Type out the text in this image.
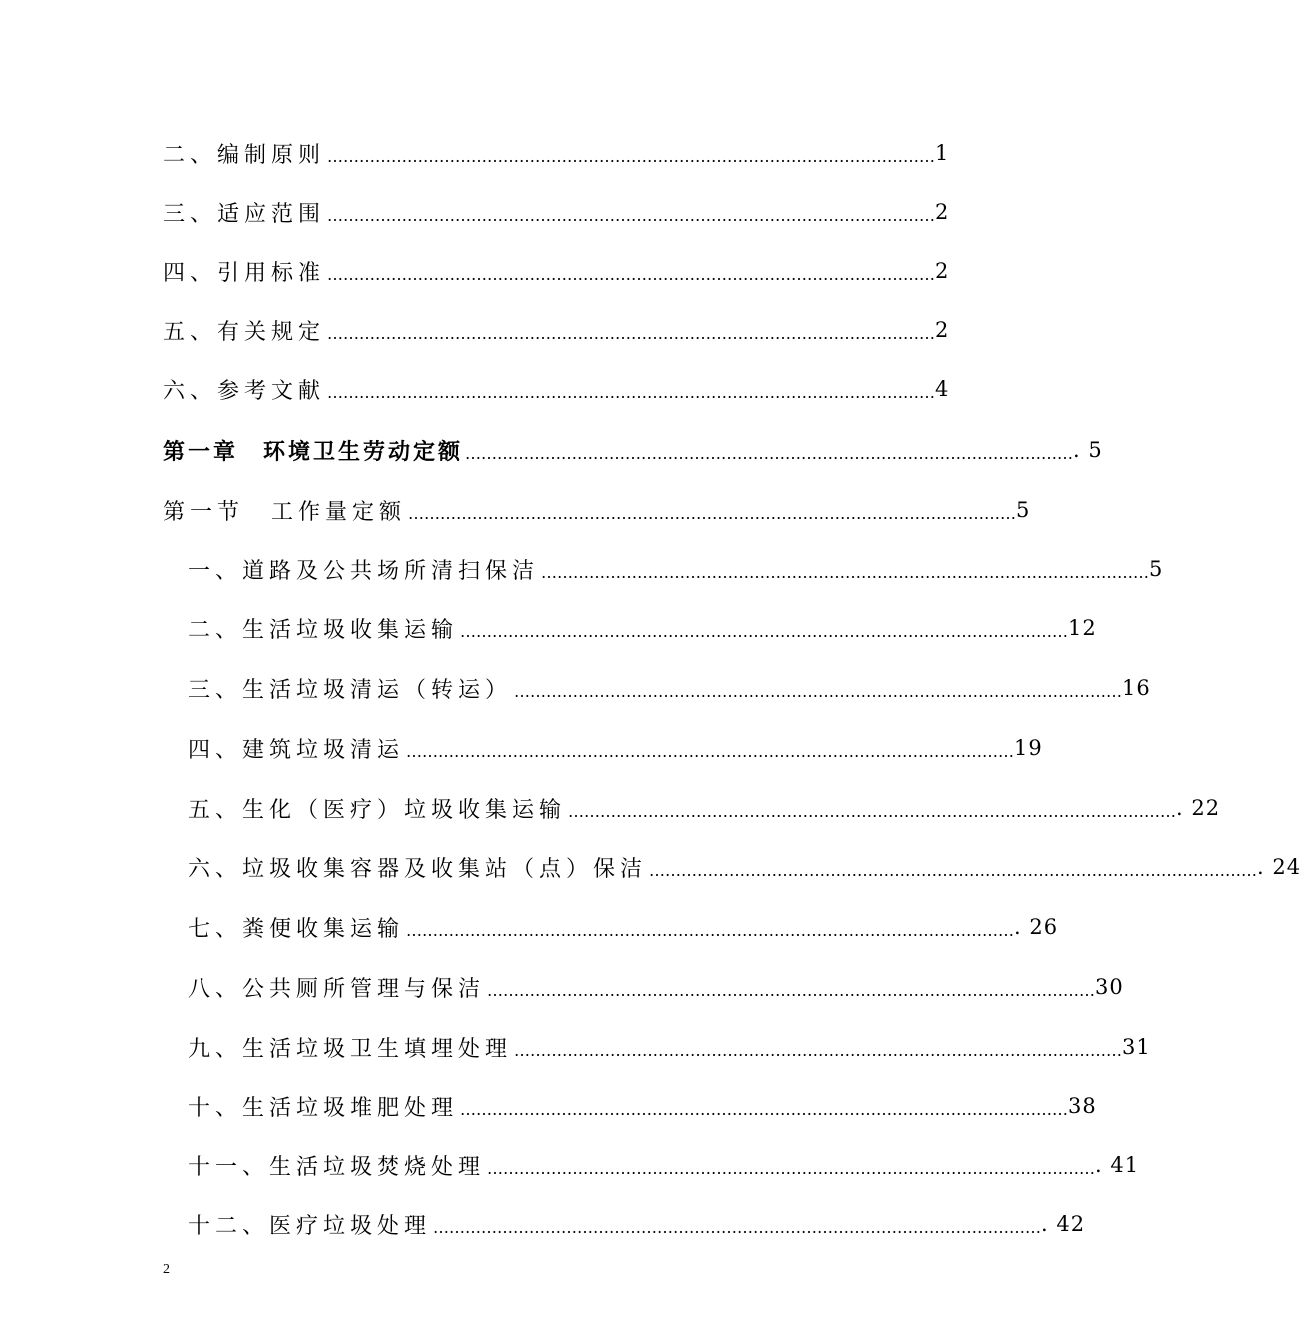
二、编制原则 …………………………………………………………………………………………………… 1
三、适应范围 …………………………………………………………………………………………………… 2
四、引用标准 …………………………………………………………………………………………………… 2
五、有关规定 …………………………………………………………………………………………………… 2
六、参考文献 …………………………………………………………………………………………………… 4
第一章　环境卫生劳动定额 …………………………………………………………………………………………………… . 5
第一节　工作量定额 …………………………………………………………………………………………………… 5
一、道路及公共场所清扫保洁 …………………………………………………………………………………………………… 5
二、生活垃圾收集运输 …………………………………………………………………………………………………… 12
三、生活垃圾清运（转运） …………………………………………………………………………………………………… 16
四、建筑垃圾清运 …………………………………………………………………………………………………… 19
五、生化（医疗）垃圾收集运输 …………………………………………………………………………………………………… . 22
六、垃圾收集容器及收集站（点）保洁 …………………………………………………………………………………………………… . 24
七、粪便收集运输 …………………………………………………………………………………………………… . 26
八、公共厕所管理与保洁 …………………………………………………………………………………………………… 30
九、生活垃圾卫生填埋处理 …………………………………………………………………………………………………… 31
十、生活垃圾堆肥处理 …………………………………………………………………………………………………… 38
十一、生活垃圾焚烧处理 …………………………………………………………………………………………………… . 41
十二、医疗垃圾处理 …………………………………………………………………………………………………… . 42
2
